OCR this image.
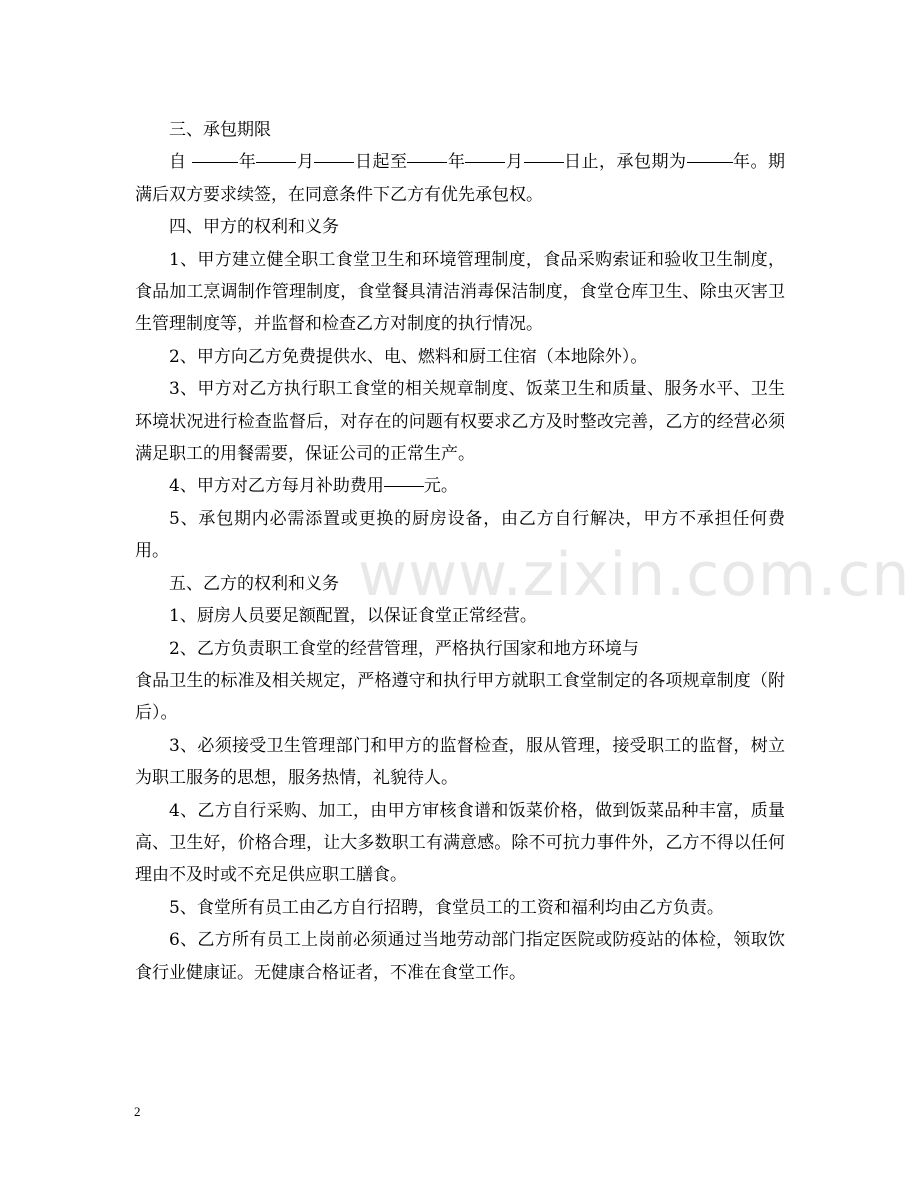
三、承包期限

自	年 月 日起至 年 月 日止，承包期为	年。期满后双方要求续签，在同意条件下乙方有优先承包权。

四、甲方的权利和义务

1、甲方建立健全职工食堂卫生和环境管理制度，食品采购索证和验收卫生制度，食品加工烹调制作管理制度，食堂餐具清洁消毒保洁制度，食堂仓库卫生、除虫灭害卫生管理制度等，并监督和检查乙方对制度的执行情况。

2、甲方向乙方免费提供水、电、燃料和厨工住宿（本地除外）。

3、甲方对乙方执行职工食堂的相关规章制度、饭菜卫生和质量、服务水平、卫生环境状况进行检查监督后，对存在的问题有权要求乙方及时整改完善，乙方的经营必须满足职工的用餐需要，保证公司的正常生产。

4、甲方对乙方每月补助费用 元。

5、承包期内必需添置或更换的厨房设备，由乙方自行解决，甲方不承担任何费用。

五、乙方的权利和义务

1、厨房人员要足额配置，以保证食堂正常经营。

2、乙方负责职工食堂的经营管理，严格执行国家和地方环境与

食品卫生的标准及相关规定，严格遵守和执行甲方就职工食堂制定的各项规章制度（附后）。

3、必须接受卫生管理部门和甲方的监督检查，服从管理，接受职工的监督，树立为职工服务的思想，服务热情，礼貌待人。

4、乙方自行采购、加工，由甲方审核食谱和饭菜价格，做到饭菜品种丰富，质量高、卫生好，价格合理，让大多数职工有满意感。除不可抗力事件外，乙方不得以任何理由不及时或不充足供应职工膳食。

5、食堂所有员工由乙方自行招聘，食堂员工的工资和福利均由乙方负责。

6、乙方所有员工上岗前必须通过当地劳动部门指定医院或防疫站的体检，领取饮食行业健康证。无健康合格证者，不准在食堂工作。

www.zixin.com.cn
2
